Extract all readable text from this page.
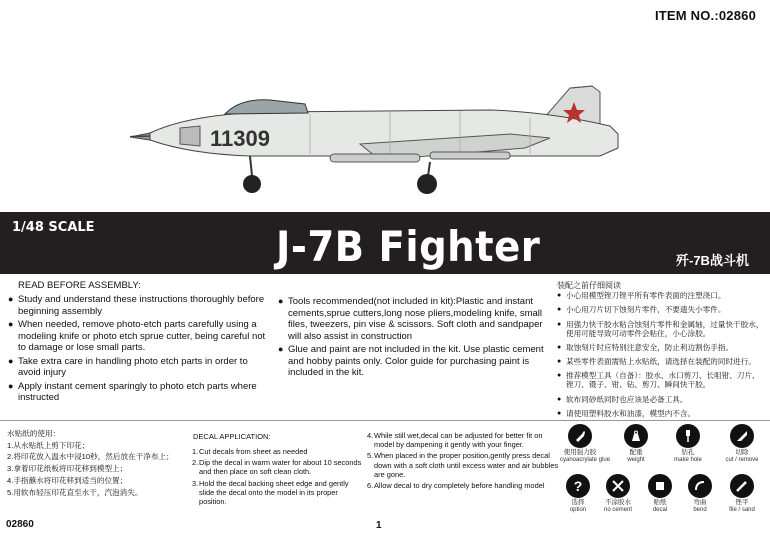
ITEM NO.:02860
11309
1/48 SCALE	J-7B Fighter	歼-7B战斗机
READ BEFORE ASSEMBLY:
● Study and understand these instructions thoroughly before beginning assembly
● When needed, remove photo-etch parts carefully using a modeling knife or photo etch sprue cutter, being careful not to damage or lose small parts.
● Take extra care in handling photo etch parts in order to avoid injury
● Apply instant cement sparingly to photo etch parts where instructed
● Tools recommended(not included in kit):Plastic and instant cements,sprue cutters,long nose pliers,modeling knife, small files, tweezers, pin vise & scissors. Soft cloth and sandpaper will also assist in construction
● Glue and paint are not included in the kit. Use plastic cement and hobby paints only. Color guide for purchasing paint is included in the kit.
装配之前仔细阅读
● 小心用模型锉刀锉平所有零件表面的注塑浇口。
● 小心用刀片切下蚀刻片零件，不要遗失小零件。
● 用强力快干胶水粘合蚀刻片零件和金属轴，过量快干胶水，使用可能导致可动零件会粘住，小心涂胶。
● 取蚀刻片时应特别注意安全，防止利边割伤手指。
● 某些零件表面需贴上水贴纸，请选择在装配的同时进行。
● 推荐模型工具（自备）：胶水、水口剪刀、长咀钳、刀片、锉刀、镊子、钳、钻、剪刀、瞬间快干胶。
● 软布同砂纸同时也应该是必备工具。
● 请使用塑料胶水和油漆，模型内不含。
水贴纸的使用：
1.从水贴纸上剪下印花；
2.将印花放入温水中浸10秒，然后放在干净布上；
3.拿着印花纸板将印花移到模型上；
4.手指蘸水将印花移到适当的位置；
5.用软布轻压印花直至水干，汽泡消失。
DECAL APPLICATION:
1. Cut decals from sheet as needed
2. Dip the decal in warm water for about 10 seconds and then place on soft clean cloth.
3. Hold the decal backing sheet edge and gently slide the decal onto the model in its proper position.
4. While still wet,decal can be adjusted for better fit on model by dampening it gently with your finger.
5. When placed in the proper position,gently press decal down with a soft cloth until excess water and air bubbles are gone.
6. Allow decal to dry completely before handling model
使用强力胶
cyanoacrylate glue
配重
weight
钻孔
make hole
切除
cut / remove
?
选择
option
不涂胶水
no cement
贴纸
decal
弯曲
bend
锉平
file / sand
02860	1
